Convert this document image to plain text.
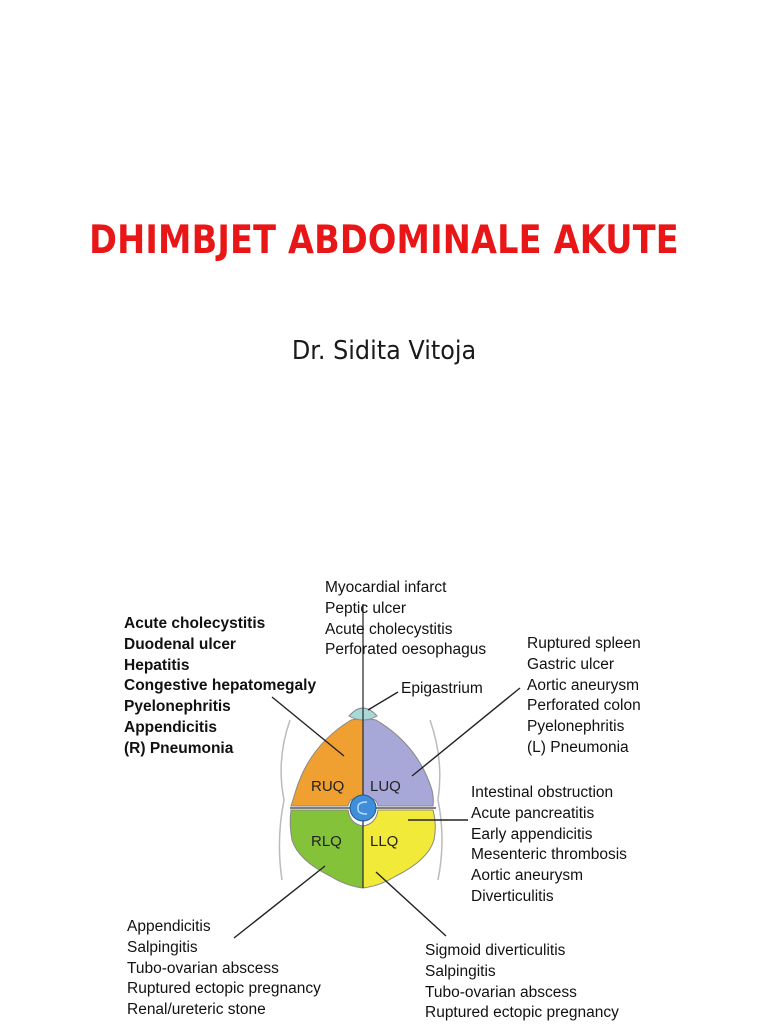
DHIMBJET ABDOMINALE AKUTE
Dr. Sidita Vitoja
RUQ LUQ
RLQ LLQ
Myocardial infarct
Peptic ulcer
Acute cholecystitis
Perforated oesophagus
Acute cholecystitis
Duodenal ulcer
Hepatitis
Congestive hepatomegaly
Pyelonephritis
Appendicitis
(R) Pneumonia
Epigastrium
Ruptured spleen
Gastric ulcer
Aortic aneurysm
Perforated colon
Pyelonephritis
(L) Pneumonia
Intestinal obstruction
Acute pancreatitis
Early appendicitis
Mesenteric thrombosis
Aortic aneurysm
Diverticulitis
Appendicitis
Salpingitis
Tubo-ovarian abscess
Ruptured ectopic pregnancy
Renal/ureteric stone
Sigmoid diverticulitis
Salpingitis
Tubo-ovarian abscess
Ruptured ectopic pregnancy
